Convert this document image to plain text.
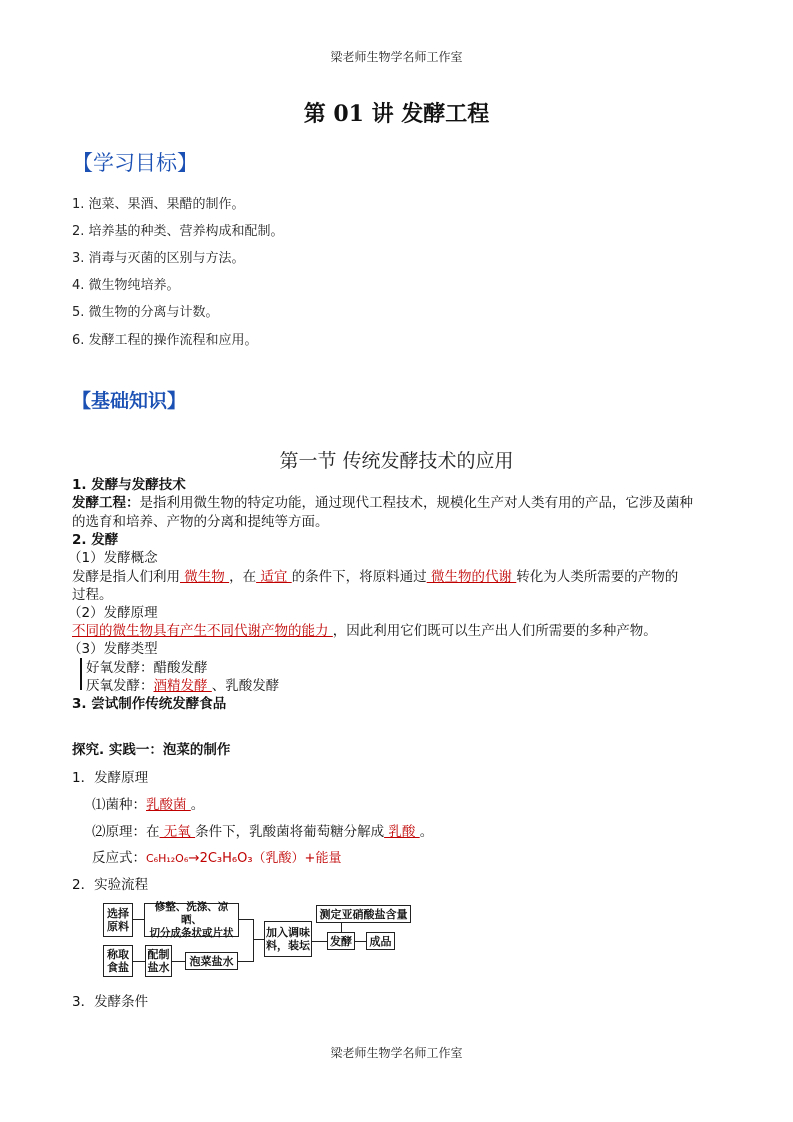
梁老师生物学名师工作室
第 01 讲 发酵工程
【学习目标】
1. 泡菜、果酒、果醋的制作。
2. 培养基的种类、营养构成和配制。
3. 消毒与灭菌的区别与方法。
4. 微生物纯培养。
5. 微生物的分离与计数。
6. 发酵工程的操作流程和应用。
【基础知识】
第一节 传统发酵技术的应用
1. 发酵与发酵技术
发酵工程：是指利用微生物的特定功能，通过现代工程技术，规模化生产对人类有用的产品，它涉及菌种
的选育和培养、产物的分离和提纯等方面。
2. 发酵
（1）发酵概念
发酵是指人们利用 微生物 ，在 适宜 的条件下，将原料通过 微生物的代谢 转化为人类所需要的产物的
过程。
（2）发酵原理
不同的微生物具有产生不同代谢产物的能力 ，因此利用它们既可以生产出人们所需要的多种产物。
（3）发酵类型
好氧发酵：醋酸发酵
厌氧发酵：酒精发酵 、乳酸发酵
3. 尝试制作传统发酵食品
探究. 实践一：泡菜的制作
1．发酵原理
⑴菌种：乳酸菌 。
⑵原理：在 无氧 条件下，乳酸菌将葡萄糖分解成 乳酸 。
反应式：C₆H₁₂O₆→2C₃H₆O₃（乳酸）+能量
2．实验流程
选择
原料
修整、洗涤、凉晒、
切分成条状或片状
称取
食盐
配制
盐水	泡菜盐水
加入调味
料，装坛
测定亚硝酸盐含量
发酵	成品
3．发酵条件
梁老师生物学名师工作室
